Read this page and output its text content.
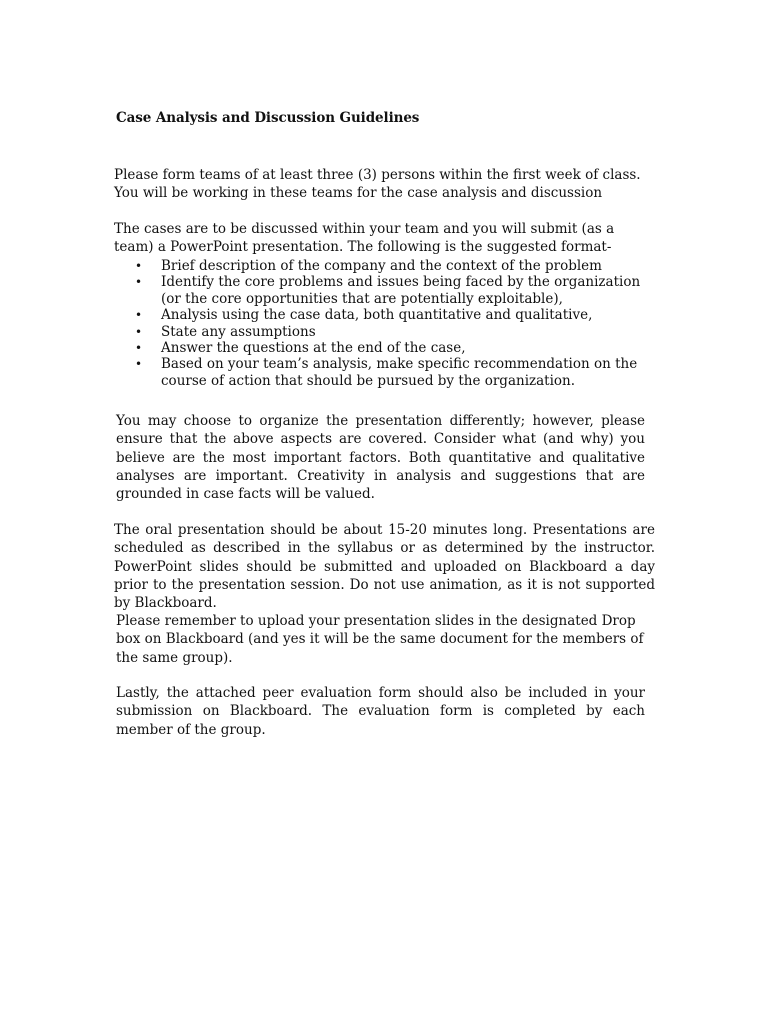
Case Analysis and Discussion Guidelines

Please form teams of at least three (3) persons within the first week of class. You will be working in these teams for the case analysis and discussion

The cases are to be discussed within your team and you will submit (as a team) a PowerPoint presentation. The following is the suggested format-

• Brief description of the company and the context of the problem
• Identify the core problems and issues being faced by the organization (or the core opportunities that are potentially exploitable),
• Analysis using the case data, both quantitative and qualitative,
• State any assumptions
• Answer the questions at the end of the case,
• Based on your team’s analysis, make specific recommendation on the course of action that should be pursued by the organization.

You may choose to organize the presentation differently; however, please ensure that the above aspects are covered. Consider what (and why) you believe are the most important factors. Both quantitative and qualitative analyses are important. Creativity in analysis and suggestions that are grounded in case facts will be valued.

The oral presentation should be about 15-20 minutes long. Presentations are scheduled as described in the syllabus or as determined by the instructor. PowerPoint slides should be submitted and uploaded on Blackboard a day prior to the presentation session. Do not use animation, as it is not supported by Blackboard.

Please remember to upload your presentation slides in the designated Drop box on Blackboard (and yes it will be the same document for the members of the same group).

Lastly, the attached peer evaluation form should also be included in your submission on Blackboard. The evaluation form is completed by each member of the group.
